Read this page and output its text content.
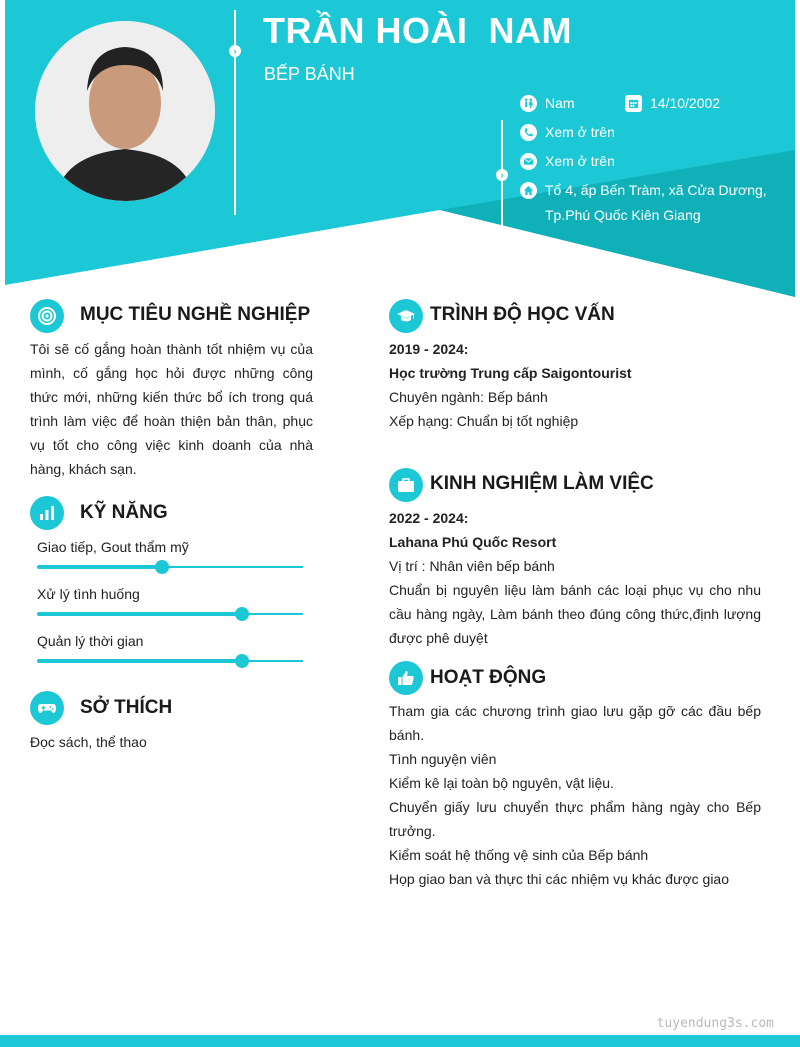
›
›
TRẦN HOÀI  NAM
BẾP BÁNH
Nam	14/10/2002
Xem ở trên
Xem ở trên
Tổ 4, ấp Bến Tràm, xã Cửa Dương,
Tp.Phú Quốc Kiên Giang
MỤC TIÊU NGHỀ NGHIỆP

Tôi sẽ cố gắng hoàn thành tốt nhiệm vụ của mình, cố gắng học hỏi được những công thức mới, những kiến thức bổ ích trong quá trình làm việc để hoàn thiện bản thân, phục vụ tốt cho công việc kinh doanh của nhà hàng, khách sạn.

KỸ NĂNG
Giao tiếp, Gout thẩm mỹ
Xử lý tình huống
Quản lý thời gian
SỞ THÍCH

Đọc sách, thể thao

TRÌNH ĐỘ HỌC VẤN

2019 - 2024:

Học trường Trung cấp Saigontourist

Chuyên ngành: Bếp bánh

Xếp hạng: Chuẩn bị tốt nghiệp

KINH NGHIỆM LÀM VIỆC

2022 - 2024:

Lahana Phú Quốc Resort

Vị trí : Nhân viên bếp bánh

Chuẩn bị nguyên liệu làm bánh các loại phục vụ cho nhu cầu hàng ngày, Làm bánh theo đúng công thức,định lượng được phê duyệt

HOẠT ĐỘNG

Tham gia các chương trình giao lưu gặp gỡ các đầu bếp bánh.

Tình nguyện viên

Kiểm kê lại toàn bộ nguyên, vật liệu.

Chuyển giấy lưu chuyển thực phẩm hàng ngày cho Bếp trưởng.

Kiểm soát hệ thống vệ sinh của Bếp bánh

Họp giao ban và thực thi các nhiệm vụ khác được giao

tuyendung3s.com
